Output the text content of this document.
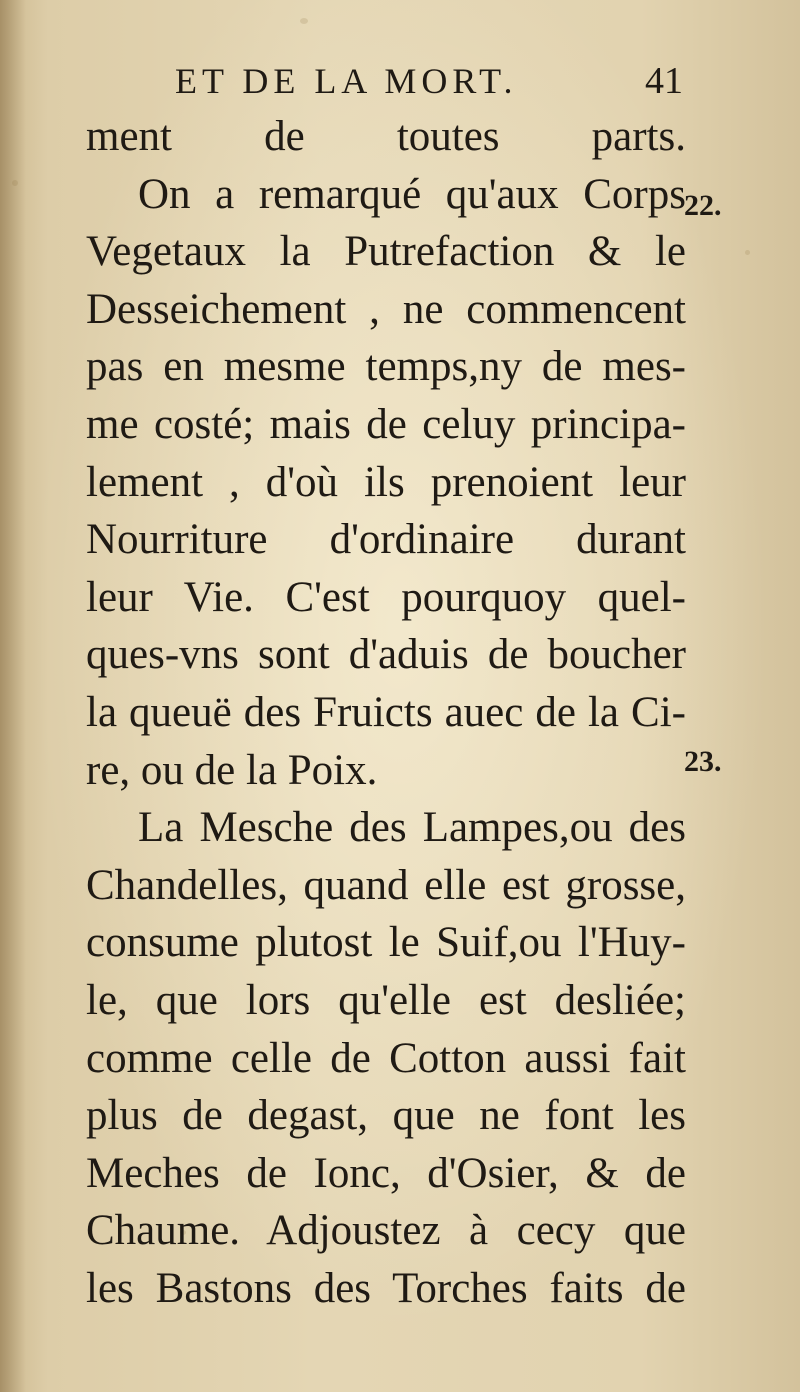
ET DE LA MORT.	41
ment de toutes parts.
On a remarqué qu'aux Corps
Vegetaux la Putrefaction & le
Desseichement , ne commencent
pas en mesme temps,ny de mes-
me costé; mais de celuy principa-
lement , d'où ils prenoient leur
Nourriture d'ordinaire durant
leur Vie. C'est pourquoy quel-
ques-vns sont d'aduis de boucher
la queuë des Fruicts auec de la Ci-
re, ou de la Poix.
La Mesche des Lampes,ou des
Chandelles, quand elle est grosse,
consume plutost le Suif,ou l'Huy-
le, que lors qu'elle est desliée;
comme celle de Cotton aussi fait
plus de degast, que ne font les
Meches de Ionc, d'Osier, & de
Chaume. Adjoustez à cecy que
les Bastons des Torches faits de
22.
23.
